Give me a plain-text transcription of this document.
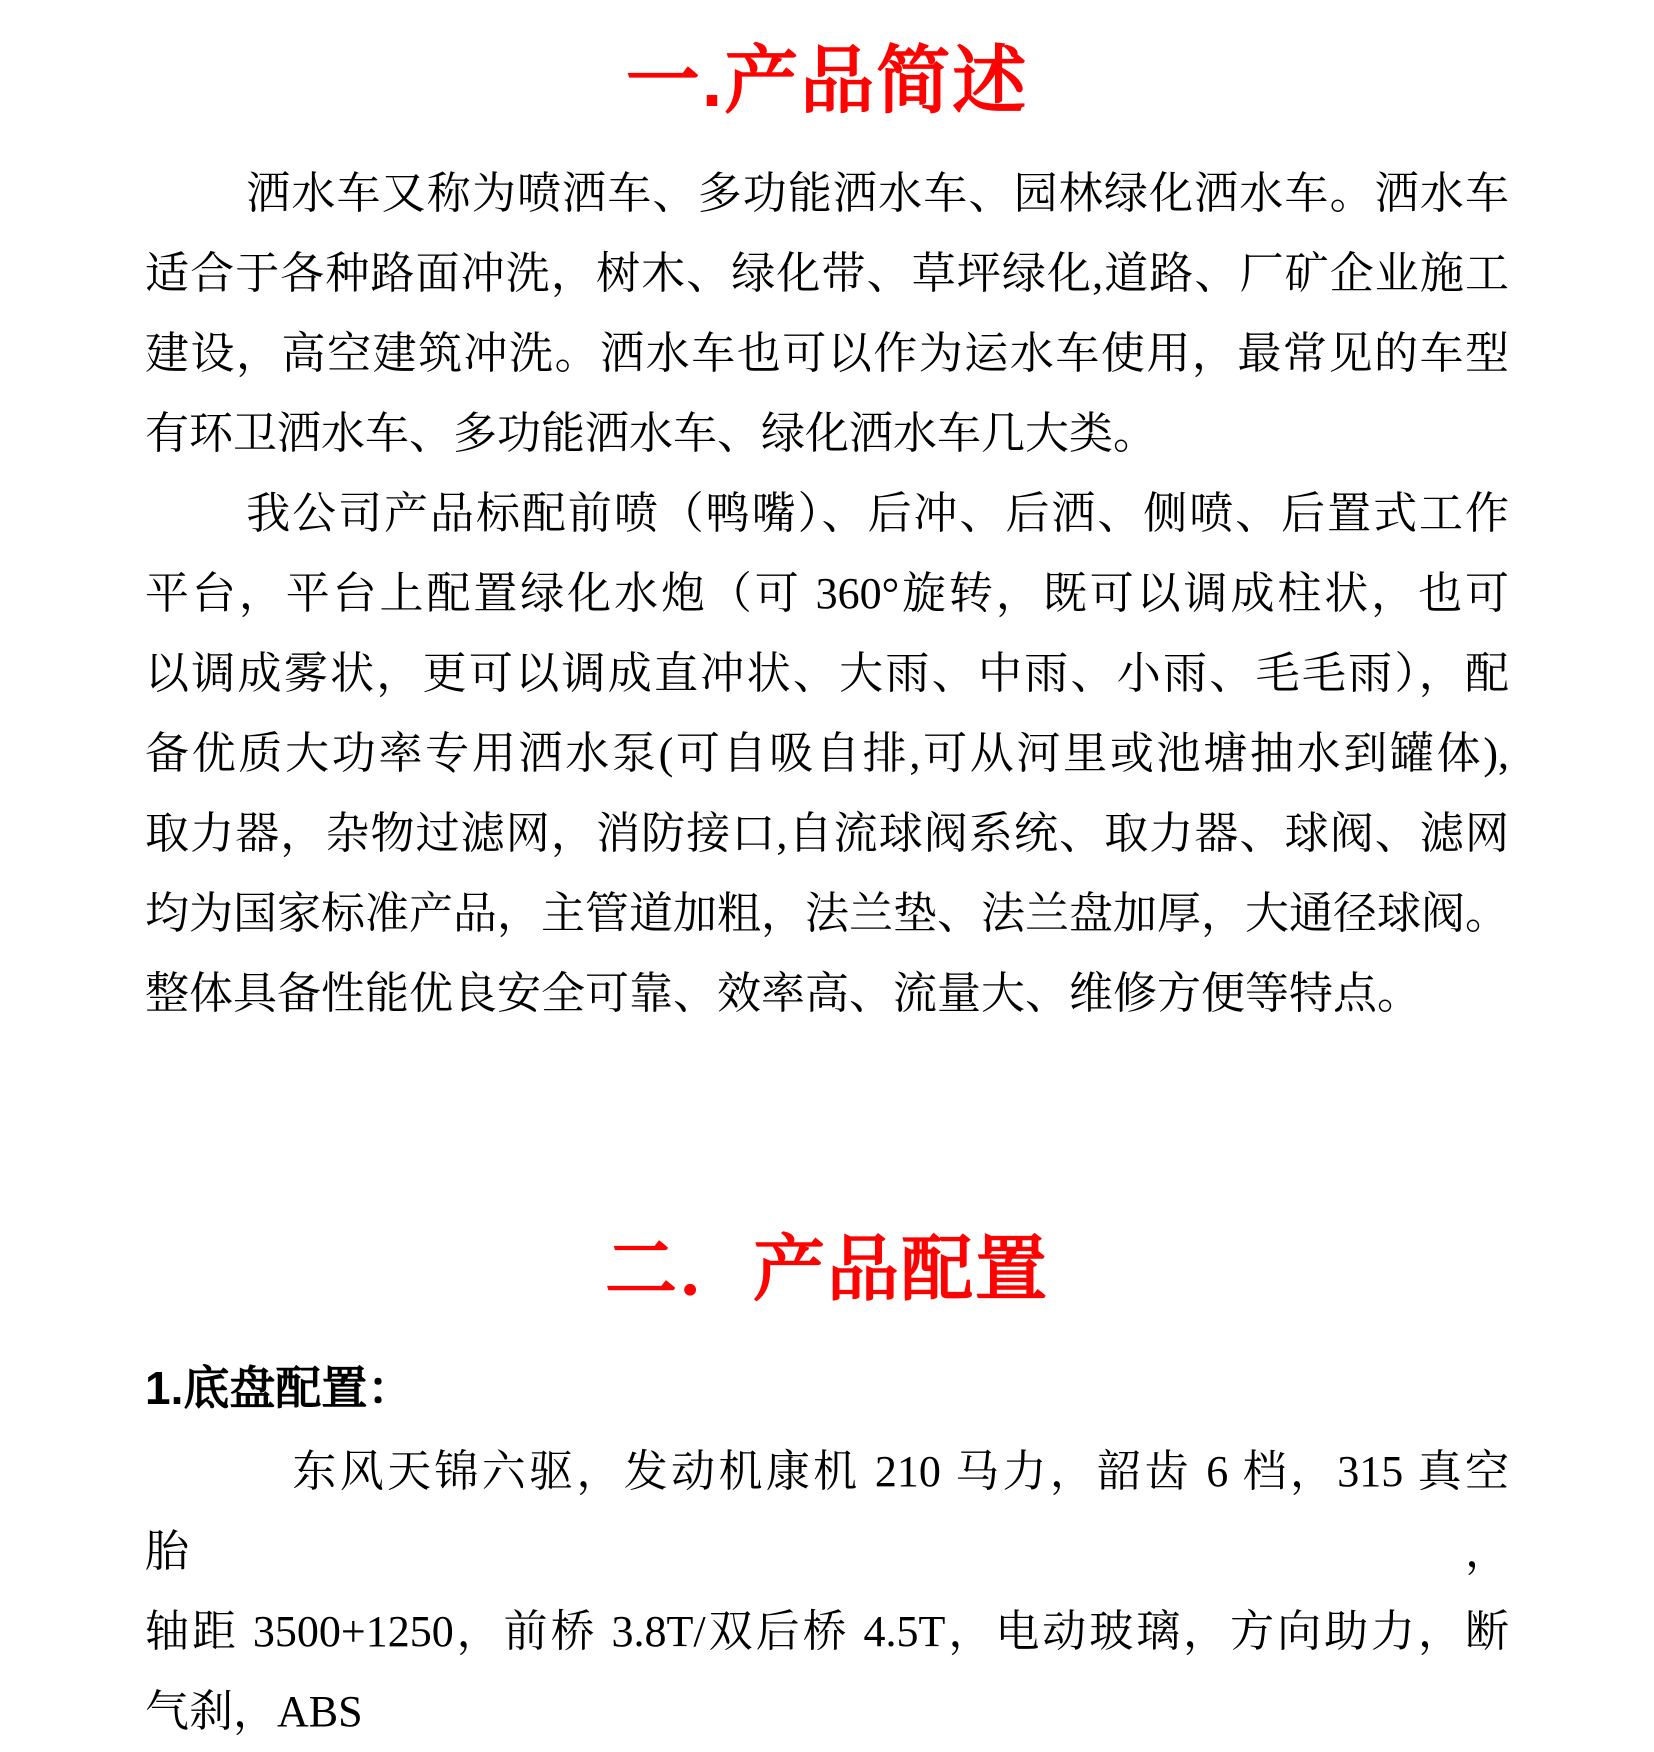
一.产品简述
洒水车又称为喷洒车、多功能洒水车、园林绿化洒水车。洒水车
适合于各种路面冲洗，树木、绿化带、草坪绿化,道路、厂矿企业施工
建设，高空建筑冲洗。洒水车也可以作为运水车使用，最常见的车型
有环卫洒水车、多功能洒水车、绿化洒水车几大类。
我公司产品标配前喷（鸭嘴）、后冲、后洒、侧喷、后置式工作
平台，平台上配置绿化水炮（可 360°旋转，既可以调成柱状，也可
以调成雾状，更可以调成直冲状、大雨、中雨、小雨、毛毛雨），配
备优质大功率专用洒水泵(可自吸自排,可从河里或池塘抽水到罐体),
取力器，杂物过滤网，消防接口,自流球阀系统、取力器、球阀、滤网
均为国家标准产品，主管道加粗，法兰垫、法兰盘加厚，大通径球阀。
整体具备性能优良安全可靠、效率高、流量大、维修方便等特点。
二．产品配置
1.底盘配置：
东风天锦六驱，发动机康机 210 马力，韶齿 6 档，315 真空胎，
轴距 3500+1250，前桥 3.8T/双后桥 4.5T，电动玻璃，方向助力，断
气刹，ABS
